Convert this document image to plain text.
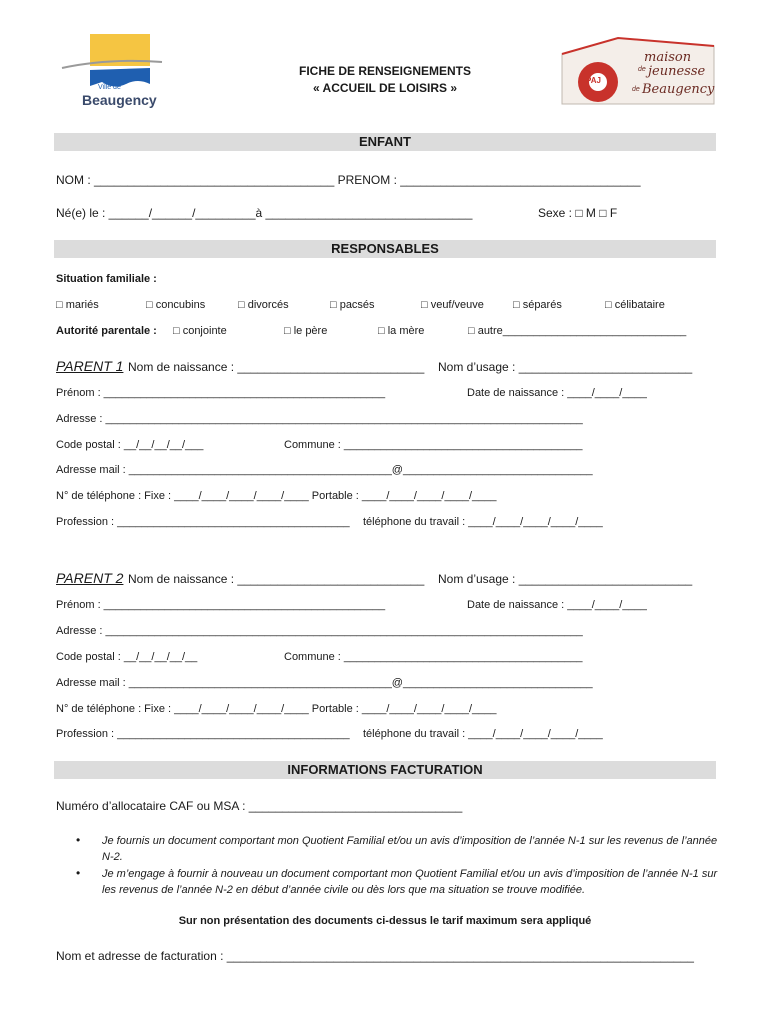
Ville de
Beaugency
FICHE DE RENSEIGNEMENTS
« ACCUEIL DE LOISIRS »
PAJ
maison
de jeunesse
de Beaugency
ENFANT
NOM : ____________________________________ PRENOM : ____________________________________
Né(e) le : ______/______/_________à _______________________________	Sexe : □ M □ F
RESPONSABLES
Situation familiale :
□ mariés	□ concubins	□ divorcés	□ pacsés	□ veuf/veuve	□ séparés	□ célibataire
Autorité parentale : □ conjointe	□ le père	□ la mère	□ autre______________________________
PARENT 1 Nom de naissance : ____________________________ Nom d’usage : __________________________
Prénom : ______________________________________________	Date de naissance : ____/____/____
Adresse : ______________________________________________________________________________
Code postal : __/__/__/__/___	Commune : _______________________________________
Adresse mail : ___________________________________________@_______________________________
N° de téléphone : Fixe : ____/____/____/____/____ Portable : ____/____/____/____/____
Profession : ______________________________________ téléphone du travail : ____/____/____/____/____
PARENT 2 Nom de naissance : ____________________________ Nom d’usage : __________________________
Prénom : ______________________________________________	Date de naissance : ____/____/____
Adresse : ______________________________________________________________________________
Code postal : __/__/__/__/__	Commune : _______________________________________
Adresse mail : ___________________________________________@_______________________________
N° de téléphone : Fixe : ____/____/____/____/____ Portable : ____/____/____/____/____
Profession : ______________________________________ téléphone du travail : ____/____/____/____/____
INFORMATIONS FACTURATION
Numéro d’allocataire CAF ou MSA : ________________________________
• Je fournis un document comportant mon Quotient Familial et/ou un avis d’imposition de l’année N-1 sur les revenus de l’année N-2.
• Je m’engage à fournir à nouveau un document comportant mon Quotient Familial et/ou un avis d’imposition de l’année N-1 sur les revenus de l’année N-2 en début d’année civile ou dès lors que ma situation se trouve modifiée.
Sur non présentation des documents ci-dessus le tarif maximum sera appliqué
Nom et adresse de facturation : ______________________________________________________________________
